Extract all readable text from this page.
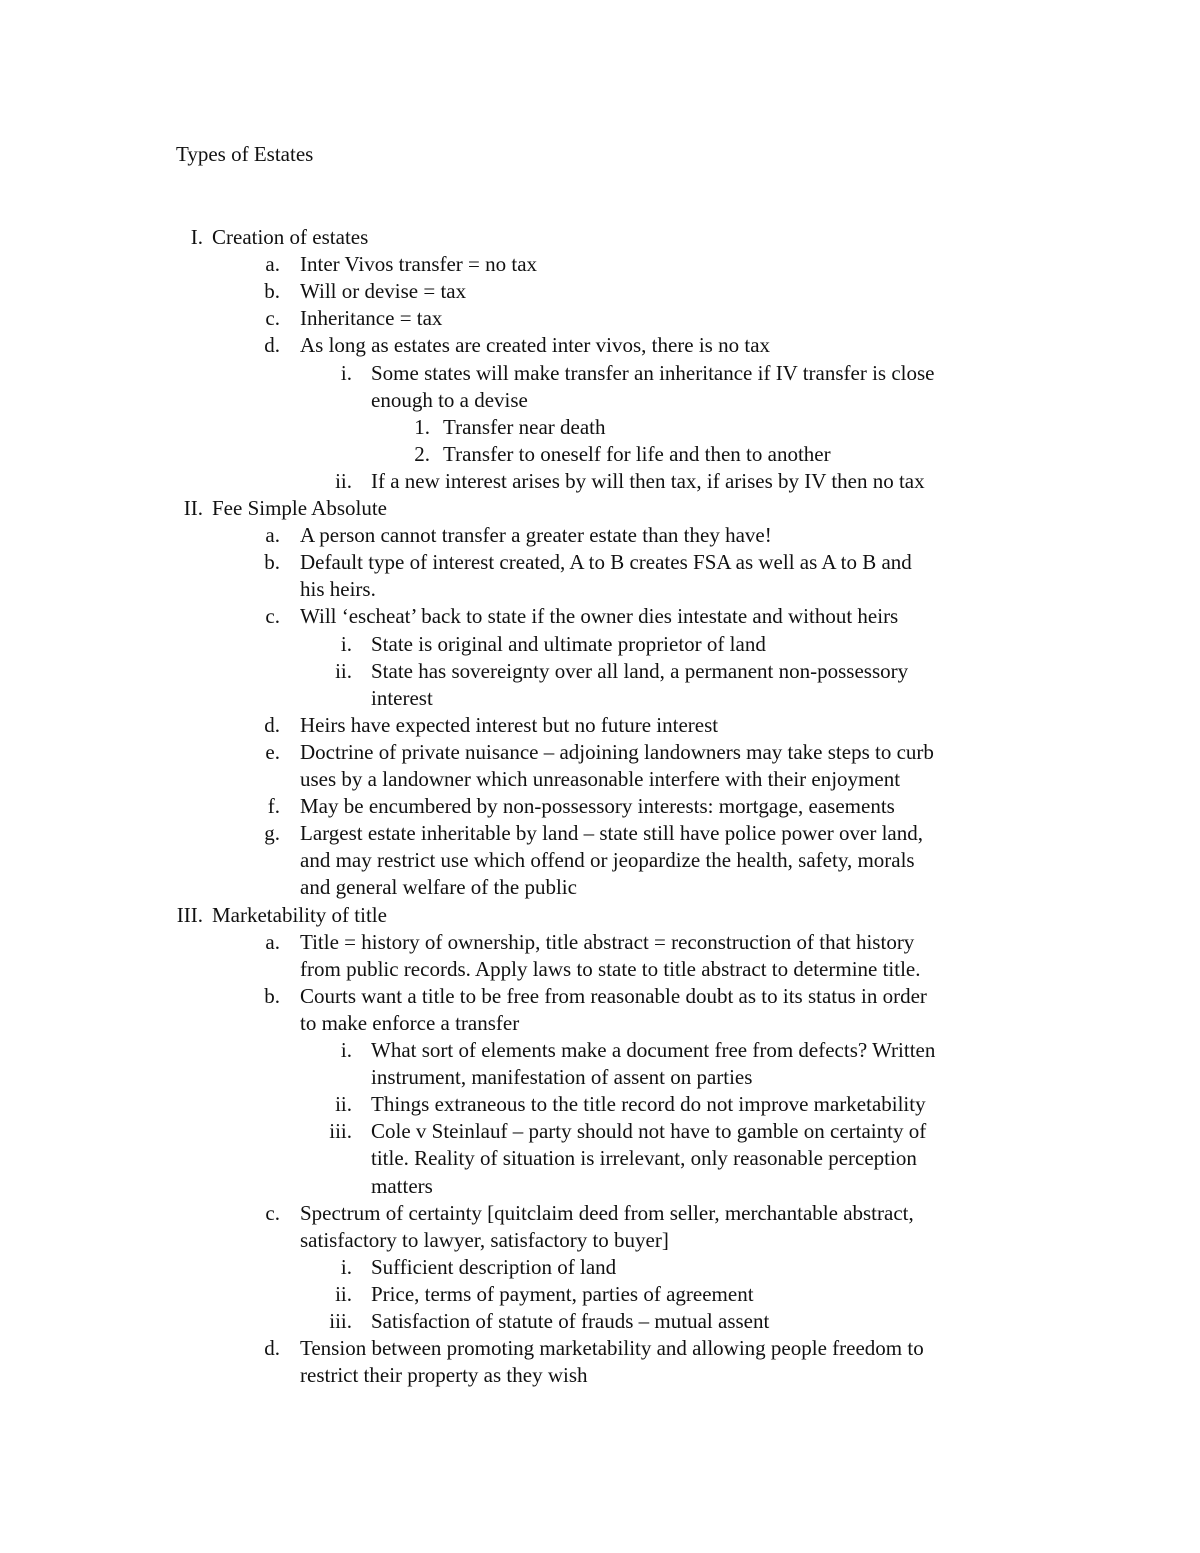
Types of Estates
I. Creation of estates
a. Inter Vivos transfer = no tax
b. Will or devise = tax
c. Inheritance = tax
d. As long as estates are created inter vivos, there is no tax
i. Some states will make transfer an inheritance if IV transfer is close
enough to a devise
1. Transfer near death
2. Transfer to oneself for life and then to another
ii. If a new interest arises by will then tax, if arises by IV then no tax
II. Fee Simple Absolute
a. A person cannot transfer a greater estate than they have!
b. Default type of interest created, A to B creates FSA as well as A to B and
his heirs.
c. Will ‘escheat’ back to state if the owner dies intestate and without heirs
i. State is original and ultimate proprietor of land
ii. State has sovereignty over all land, a permanent non-possessory
interest
d. Heirs have expected interest but no future interest
e. Doctrine of private nuisance – adjoining landowners may take steps to curb
uses by a landowner which unreasonable interfere with their enjoyment
f. May be encumbered by non-possessory interests: mortgage, easements
g. Largest estate inheritable by land – state still have police power over land,
and may restrict use which offend or jeopardize the health, safety, morals
and general welfare of the public
III. Marketability of title
a. Title = history of ownership, title abstract = reconstruction of that history
from public records. Apply laws to state to title abstract to determine title.
b. Courts want a title to be free from reasonable doubt as to its status in order
to make enforce a transfer
i. What sort of elements make a document free from defects? Written
instrument, manifestation of assent on parties
ii. Things extraneous to the title record do not improve marketability
iii. Cole v Steinlauf – party should not have to gamble on certainty of
title. Reality of situation is irrelevant, only reasonable perception
matters
c. Spectrum of certainty [quitclaim deed from seller, merchantable abstract,
satisfactory to lawyer, satisfactory to buyer]
i. Sufficient description of land
ii. Price, terms of payment, parties of agreement
iii. Satisfaction of statute of frauds – mutual assent
d. Tension between promoting marketability and allowing people freedom to
restrict their property as they wish
